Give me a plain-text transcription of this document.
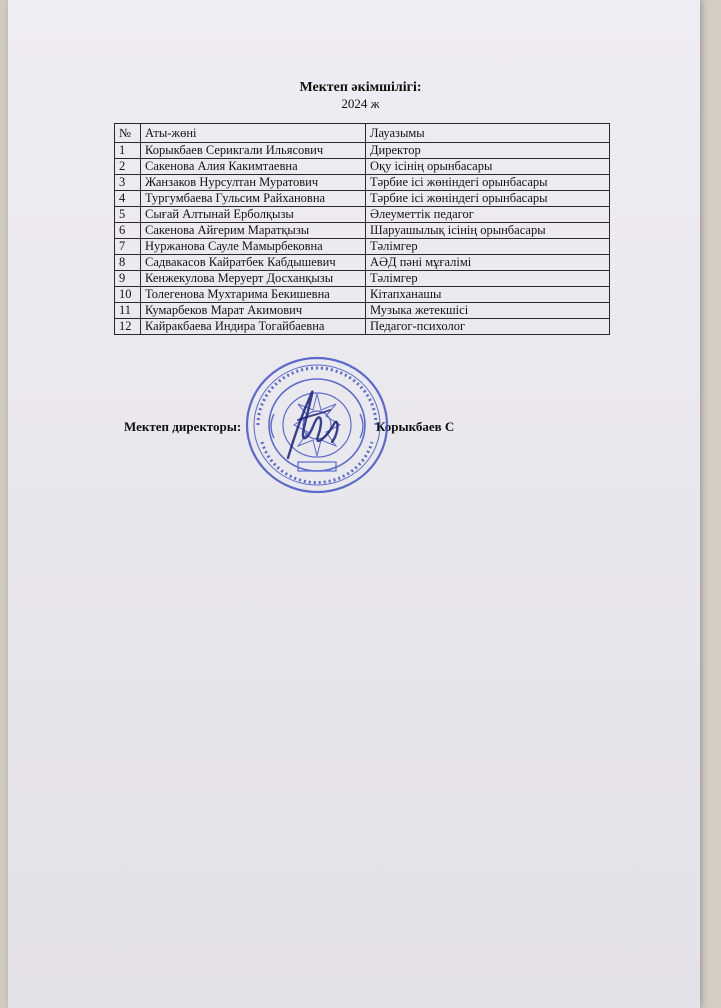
Мектеп әкімшілігі:
2024 ж
№	Аты-жөні	Лауазымы
1	Корыкбаев Серикгали Ильясович	Директор
2	Сакенова Алия Какимтаевна	Оқу ісінің орынбасары
3	Жанзаков Нурсултан Муратович	Тәрбие ісі жөніндегі орынбасары
4	Тургумбаева Гульсим Райхановна	Тәрбие ісі жөніндегі орынбасары
5	Сығай Алтынай Ерболқызы	Әлеуметтік педагог
6	Сакенова Айгерим Маратқызы	Шаруашылық ісінің орынбасары
7	Нуржанова Сауле Мамырбековна	Тәлімгер
8	Садвакасов Кайратбек Кабдышевич	АӘД пәні мұғалімі
9	Кенжекулова Меруерт Досханқызы	Тәлімгер
10	Толегенова Мухтарима Бекишевна	Кітапханашы
11	Кумарбеков Марат Акимович	Музыка жетекшісі
12	Кайракбаева Индира Тогайбаевна	Педагог-психолог
Мектеп директоры:	Корыкбаев С
